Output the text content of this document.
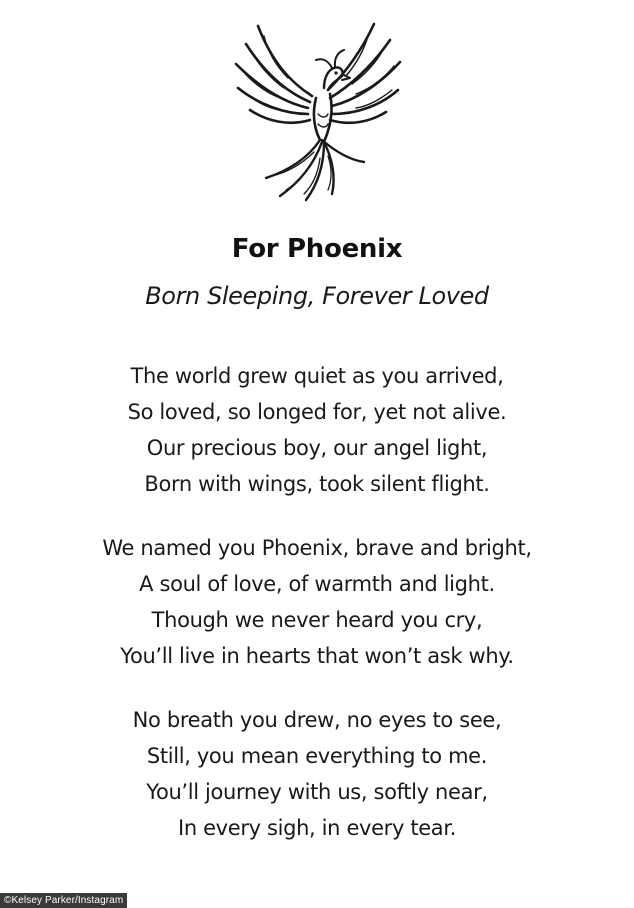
For Phoenix
Born Sleeping, Forever Loved
The world grew quiet as you arrived,
So loved, so longed for, yet not alive.
Our precious boy, our angel light,
Born with wings, took silent flight.
We named you Phoenix, brave and bright,
A soul of love, of warmth and light.
Though we never heard you cry,
You’ll live in hearts that won’t ask why.
No breath you drew, no eyes to see,
Still, you mean everything to me.
You’ll journey with us, softly near,
In every sigh, in every tear.
©Kelsey Parker/Instagram
